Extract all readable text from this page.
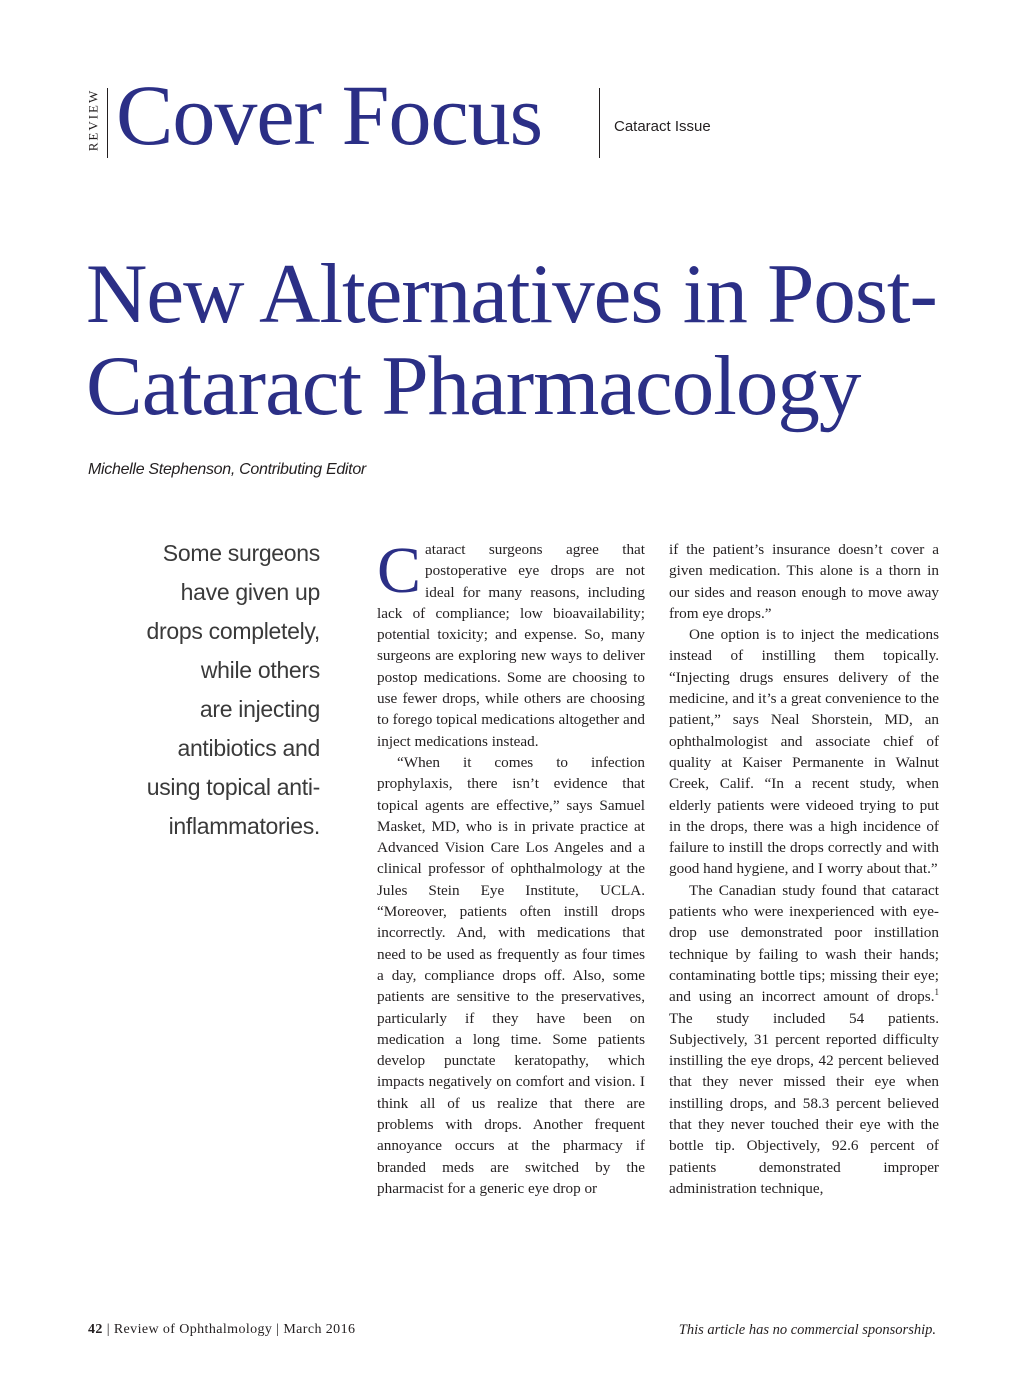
REVIEW Cover Focus	Cataract Issue
New Alternatives in Post-
Cataract Pharmacology
Michelle Stephenson, Contributing Editor
Some surgeons
have given up
drops completely,
while others
are injecting
antibiotics and
using topical anti-
inflammatories.

Cataract surgeons agree that postoperative eye drops are not ideal for many reasons, including lack of compliance; low bioavailability; potential toxicity; and expense. So, many surgeons are exploring new ways to deliver postop medications. Some are choosing to use fewer drops, while others are choosing to forego topical medications altogether and inject medications instead.

“When it comes to infection prophylaxis, there isn’t evidence that topical agents are effective,” says Samuel Masket, MD, who is in private practice at Advanced Vision Care Los Angeles and a clinical professor of ophthalmology at the Jules Stein Eye Institute, UCLA. “Moreover, patients often instill drops incorrectly. And, with medications that need to be used as frequently as four times a day, compliance drops off. Also, some patients are sensitive to the preservatives, particularly if they have been on medication a long time. Some patients develop punctate keratopathy, which impacts negatively on comfort and vision. I think all of us realize that there are problems with drops. Another frequent annoyance occurs at the pharmacy if branded meds are switched by the pharmacist for a generic eye drop or

if the patient’s insurance doesn’t cover a given medication. This alone is a thorn in our sides and reason enough to move away from eye drops.”

One option is to inject the medications instead of instilling them topically. “Injecting drugs ensures delivery of the medicine, and it’s a great convenience to the patient,” says Neal Shorstein, MD, an ophthalmologist and associate chief of quality at Kaiser Permanente in Walnut Creek, Calif. “In a recent study, when elderly patients were videoed trying to put in the drops, there was a high incidence of failure to instill the drops correctly and with good hand hygiene, and I worry about that.”

The Canadian study found that cataract patients who were inexperienced with eye-drop use demonstrated poor instillation technique by failing to wash their hands; contaminating bottle tips; missing their eye; and using an incorrect amount of drops.$^1$ The study included 54 patients. Subjectively, 31 percent reported difficulty instilling the eye drops, 42 percent believed that they never missed their eye when instilling drops, and 58.3 percent believed that they never touched their eye with the bottle tip. Objectively, 92.6 percent of patients demonstrated improper administration technique,

42 | Review of Ophthalmology | March 2016	This article has no commercial sponsorship.
